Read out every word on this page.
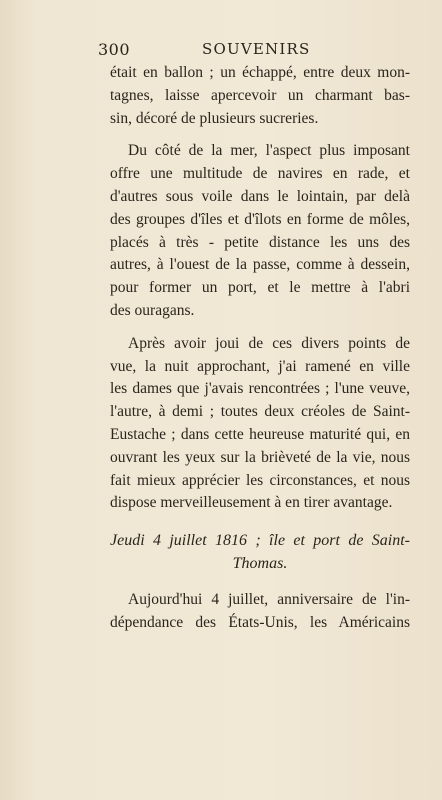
300	SOUVENIRS

était en ballon ; un échappé, entre deux mon-
tagnes, laisse apercevoir un charmant bas-
sin, décoré de plusieurs sucreries.

Du côté de la mer, l'aspect plus imposant
offre une multitude de navires en rade, et
d'autres sous voile dans le lointain, par delà
des groupes d'îles et d'îlots en forme de môles,
placés à très - petite distance les uns des
autres, à l'ouest de la passe, comme à dessein,
pour former un port, et le mettre à l'abri
des ouragans.

Après avoir joui de ces divers points de
vue, la nuit approchant, j'ai ramené en ville
les dames que j'avais rencontrées ; l'une veuve,
l'autre, à demi ; toutes deux créoles de Saint-
Eustache ; dans cette heureuse maturité qui, en
ouvrant les yeux sur la brièveté de la vie, nous
fait mieux apprécier les circonstances, et nous
dispose merveilleusement à en tirer avantage.

Jeudi 4 juillet 1816 ; île et port de Saint-
Thomas.

Aujourd'hui 4 juillet, anniversaire de l'in-
dépendance des États-Unis, les Américains
